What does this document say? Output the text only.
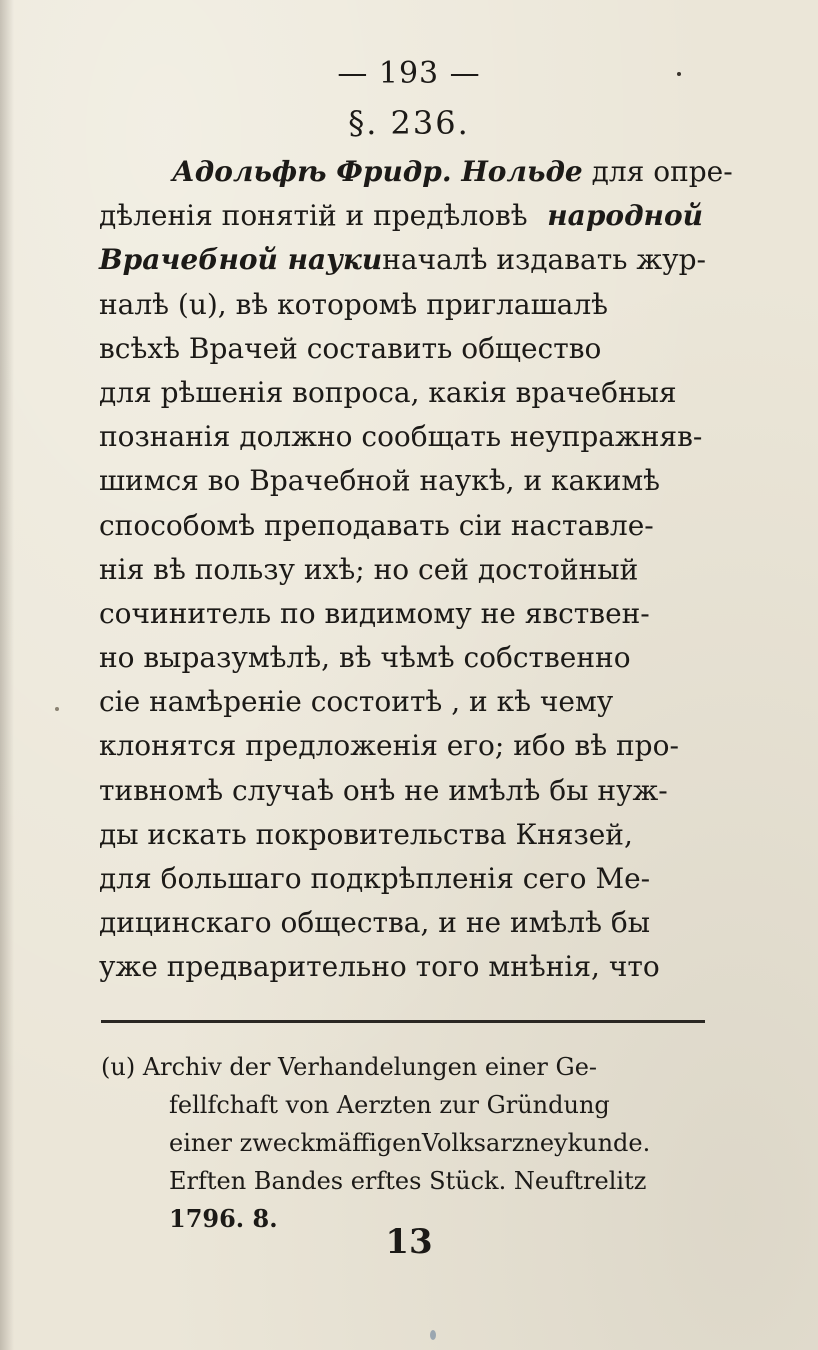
— 193 —
§. 236.
Адольфѣ Фридр. Нольде для опре-
дѣленія понятій и предѣловѣ народной
Врачебной науки началѣ издавать жур-
налѣ (u), вѣ которомѣ приглашалѣ
всѣхѣ Врачей составить общество
для рѣшенія вопроса, какія врачебныя
познанія должно сообщать неупражняв-
шимся во Врачебной наукѣ, и какимѣ
способомѣ преподавать сіи наставле-
нія вѣ пользу ихѣ; но сей достойный
сочинитель по видимому не явствен-
но выразумѣлѣ, вѣ чѣмѣ собственно
сіе намѣреніе состоитѣ , и кѣ чему
клонятся предложенія его; ибо вѣ про-
тивномѣ случаѣ онѣ не имѣлѣ бы нуж-
ды искать покровительства Князей,
для большаго подкрѣпленія сего Ме-
дицинскаго общества, и не имѣлѣ бы
уже предварительно того мнѣнія, что
(u) Archiv der Verhandelungen einer Ge-
fellfchaft von Aerzten zur Gründung
einer zweckmäffigenVolksarzneykunde.
Erften Bandes erftes Stück. Neuftrelitz
1796. 8.
13
